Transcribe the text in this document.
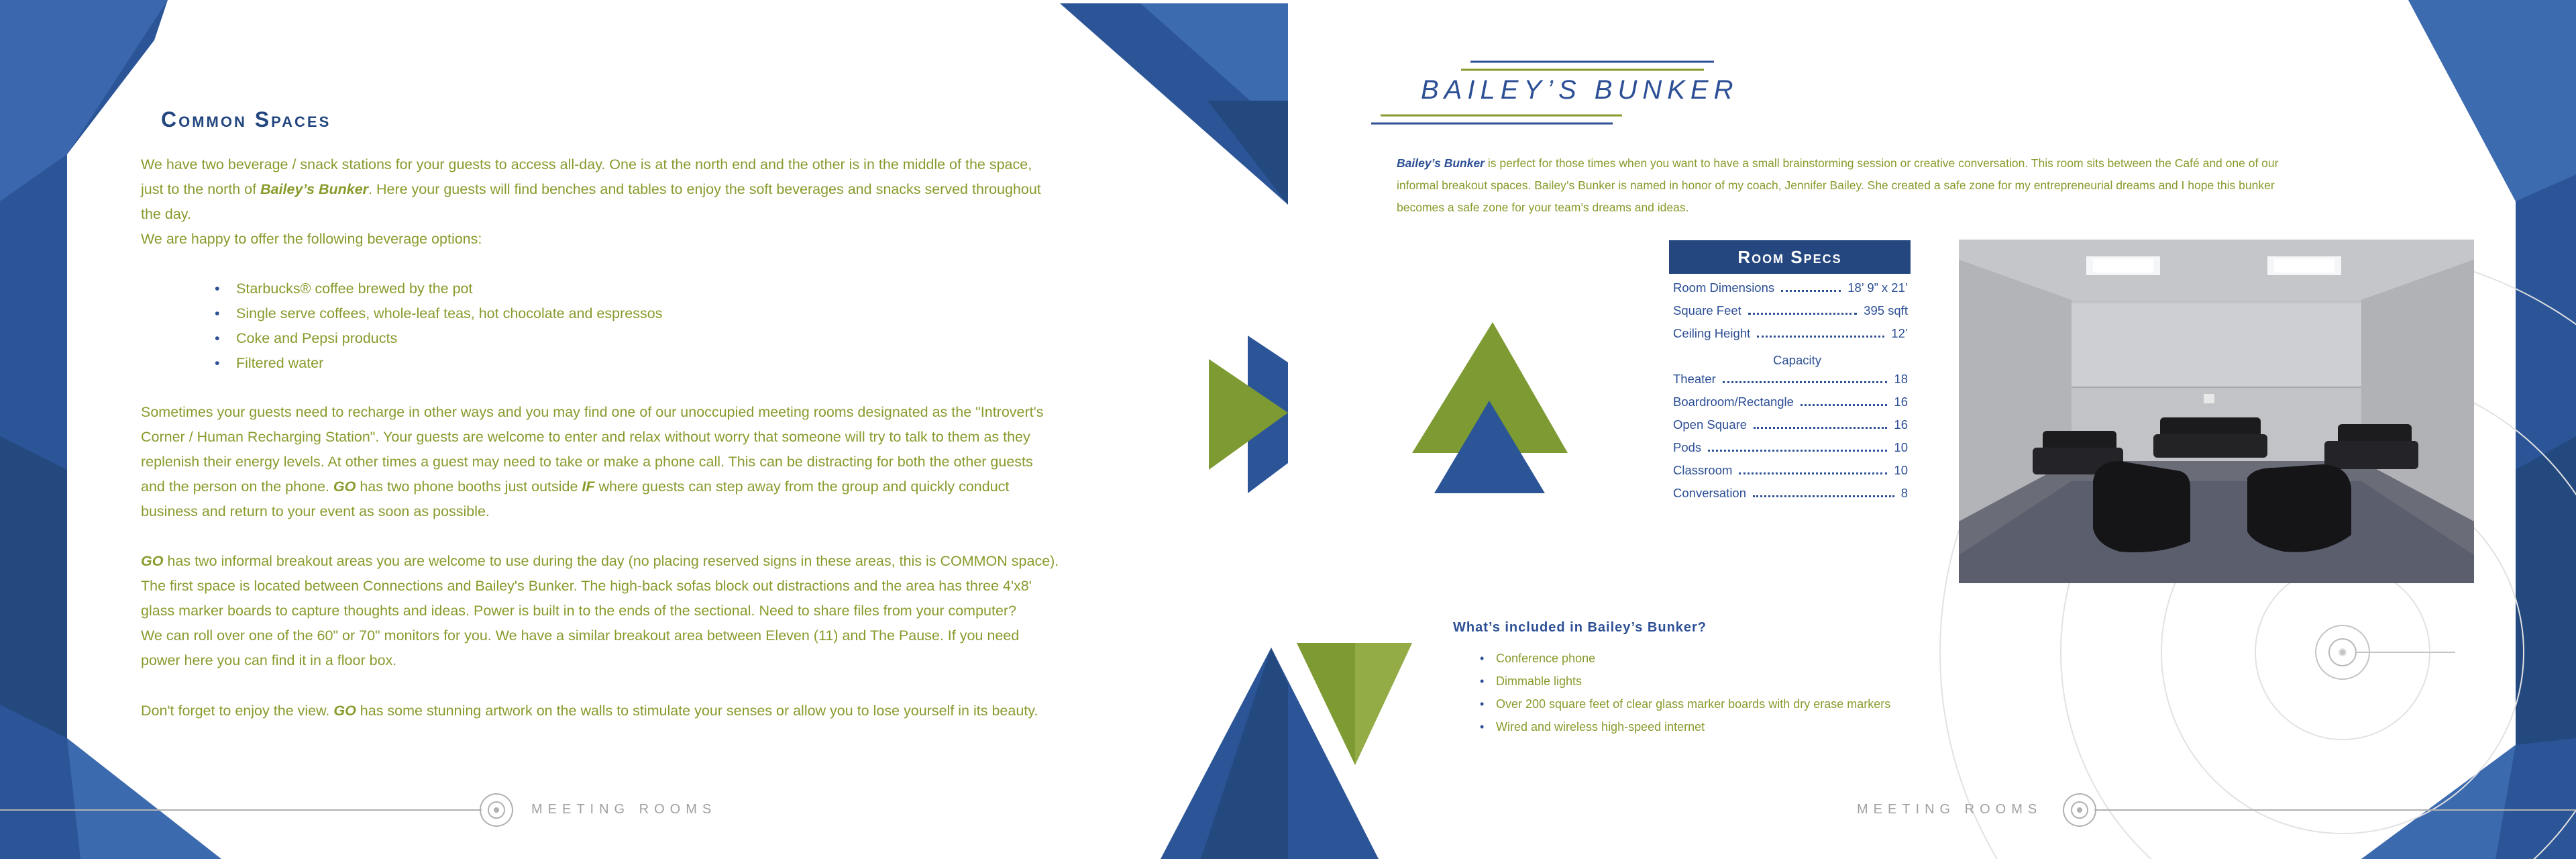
Common Spaces
We have two beverage / snack stations for your guests to access all-day. One is at the north end and the other is in the middle of the space,
just to the north of Bailey’s Bunker. Here your guests will find benches and tables to enjoy the soft beverages and snacks served throughout
the day.
We are happy to offer the following beverage options:
• Starbucks® coffee brewed by the pot
• Single serve coffees, whole-leaf teas, hot chocolate and espressos
• Coke and Pepsi products
• Filtered water
Sometimes your guests need to recharge in other ways and you may find one of our unoccupied meeting rooms designated as the "Introvert's
Corner / Human Recharging Station". Your guests are welcome to enter and relax without worry that someone will try to talk to them as they
replenish their energy levels. At other times a guest may need to take or make a phone call. This can be distracting for both the other guests
and the person on the phone. GO has two phone booths just outside IF where guests can step away from the group and quickly conduct
business and return to your event as soon as possible.
GO has two informal breakout areas you are welcome to use during the day (no placing reserved signs in these areas, this is COMMON space).
The first space is located between Connections and Bailey's Bunker. The high-back sofas block out distractions and the area has three 4'x8'
glass marker boards to capture thoughts and ideas. Power is built in to the ends of the sectional. Need to share files from your computer?
We can roll over one of the 60" or 70" monitors for you. We have a similar breakout area between Eleven (11) and The Pause. If you need
power here you can find it in a floor box.
Don't forget to enjoy the view. GO has some stunning artwork on the walls to stimulate your senses or allow you to lose yourself in its beauty.
MEETING ROOMS
BAILEY’S BUNKER
Bailey’s Bunker is perfect for those times when you want to have a small brainstorming session or creative conversation. This room sits between the Café and one of our
informal breakout spaces. Bailey’s Bunker is named in honor of my coach, Jennifer Bailey. She created a safe zone for my entrepreneurial dreams and I hope this bunker
becomes a safe zone for your team’s dreams and ideas.
Room Specs
Room Dimensions	18’ 9” x 21’
Square Feet	395 sqft
Ceiling Height	12’
Capacity
Theater	18
Boardroom/Rectangle	16
Open Square	16
Pods	10
Classroom	10
Conversation	8
What’s included in Bailey’s Bunker?
• Conference phone
• Dimmable lights
• Over 200 square feet of clear glass marker boards with dry erase markers
• Wired and wireless high-speed internet
MEETING ROOMS
